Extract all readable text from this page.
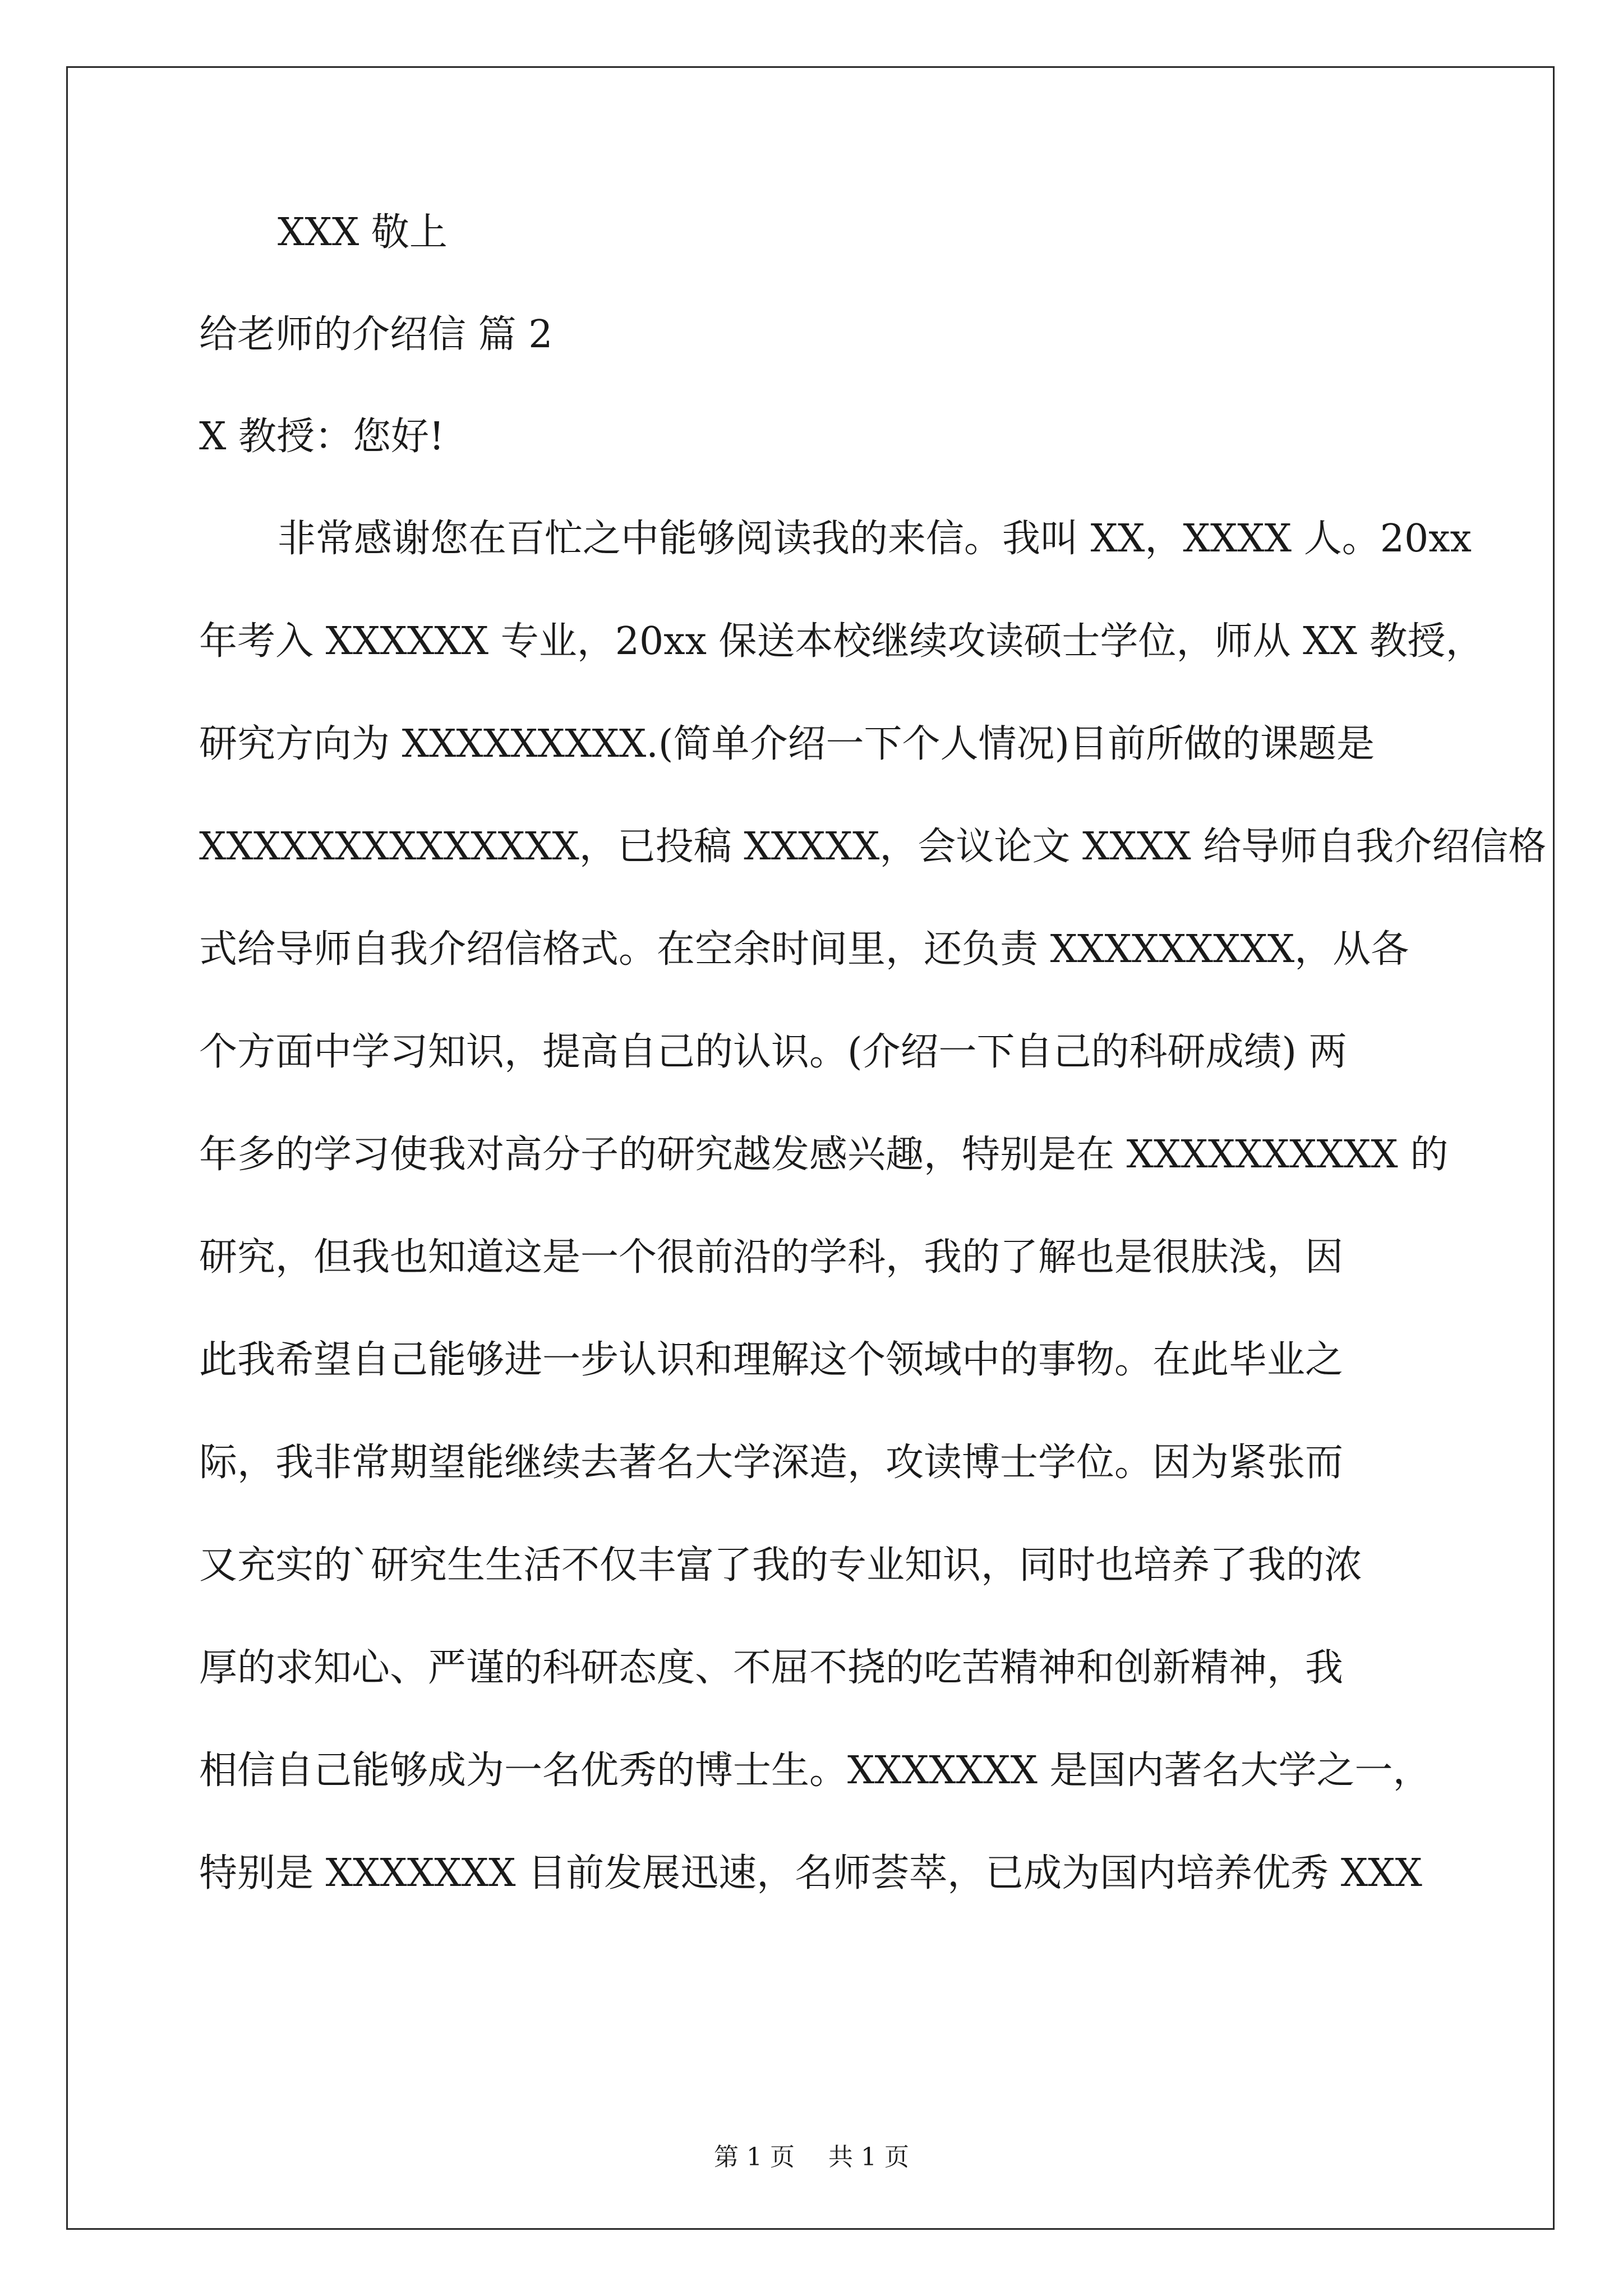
XXX 敬上

给老师的介绍信 篇 2

X 教授：您好!

非常感谢您在百忙之中能够阅读我的来信。我叫 XX，XXXX 人。20xx
年考入 XXXXXX 专业，20xx 保送本校继续攻读硕士学位，师从 XX 教授，
研究方向为 XXXXXXXXX.(简单介绍一下个人情况)目前所做的课题是
XXXXXXXXXXXXXX，已投稿 XXXXX，会议论文 XXXX 给导师自我介绍信格
式给导师自我介绍信格式。在空余时间里，还负责 XXXXXXXXX，从各
个方面中学习知识，提高自己的认识。(介绍一下自己的科研成绩) 两
年多的学习使我对高分子的研究越发感兴趣，特别是在 XXXXXXXXXX 的
研究，但我也知道这是一个很前沿的学科，我的了解也是很肤浅，因
此我希望自己能够进一步认识和理解这个领域中的事物。在此毕业之
际，我非常期望能继续去著名大学深造，攻读博士学位。因为紧张而
又充实的`研究生生活不仅丰富了我的专业知识，同时也培养了我的浓
厚的求知心、严谨的科研态度、不屈不挠的吃苦精神和创新精神，我
相信自己能够成为一名优秀的博士生。XXXXXXX 是国内著名大学之一，
特别是 XXXXXXX 目前发展迅速，名师荟萃，已成为国内培养优秀 XXX
第 1 页 共 1 页
